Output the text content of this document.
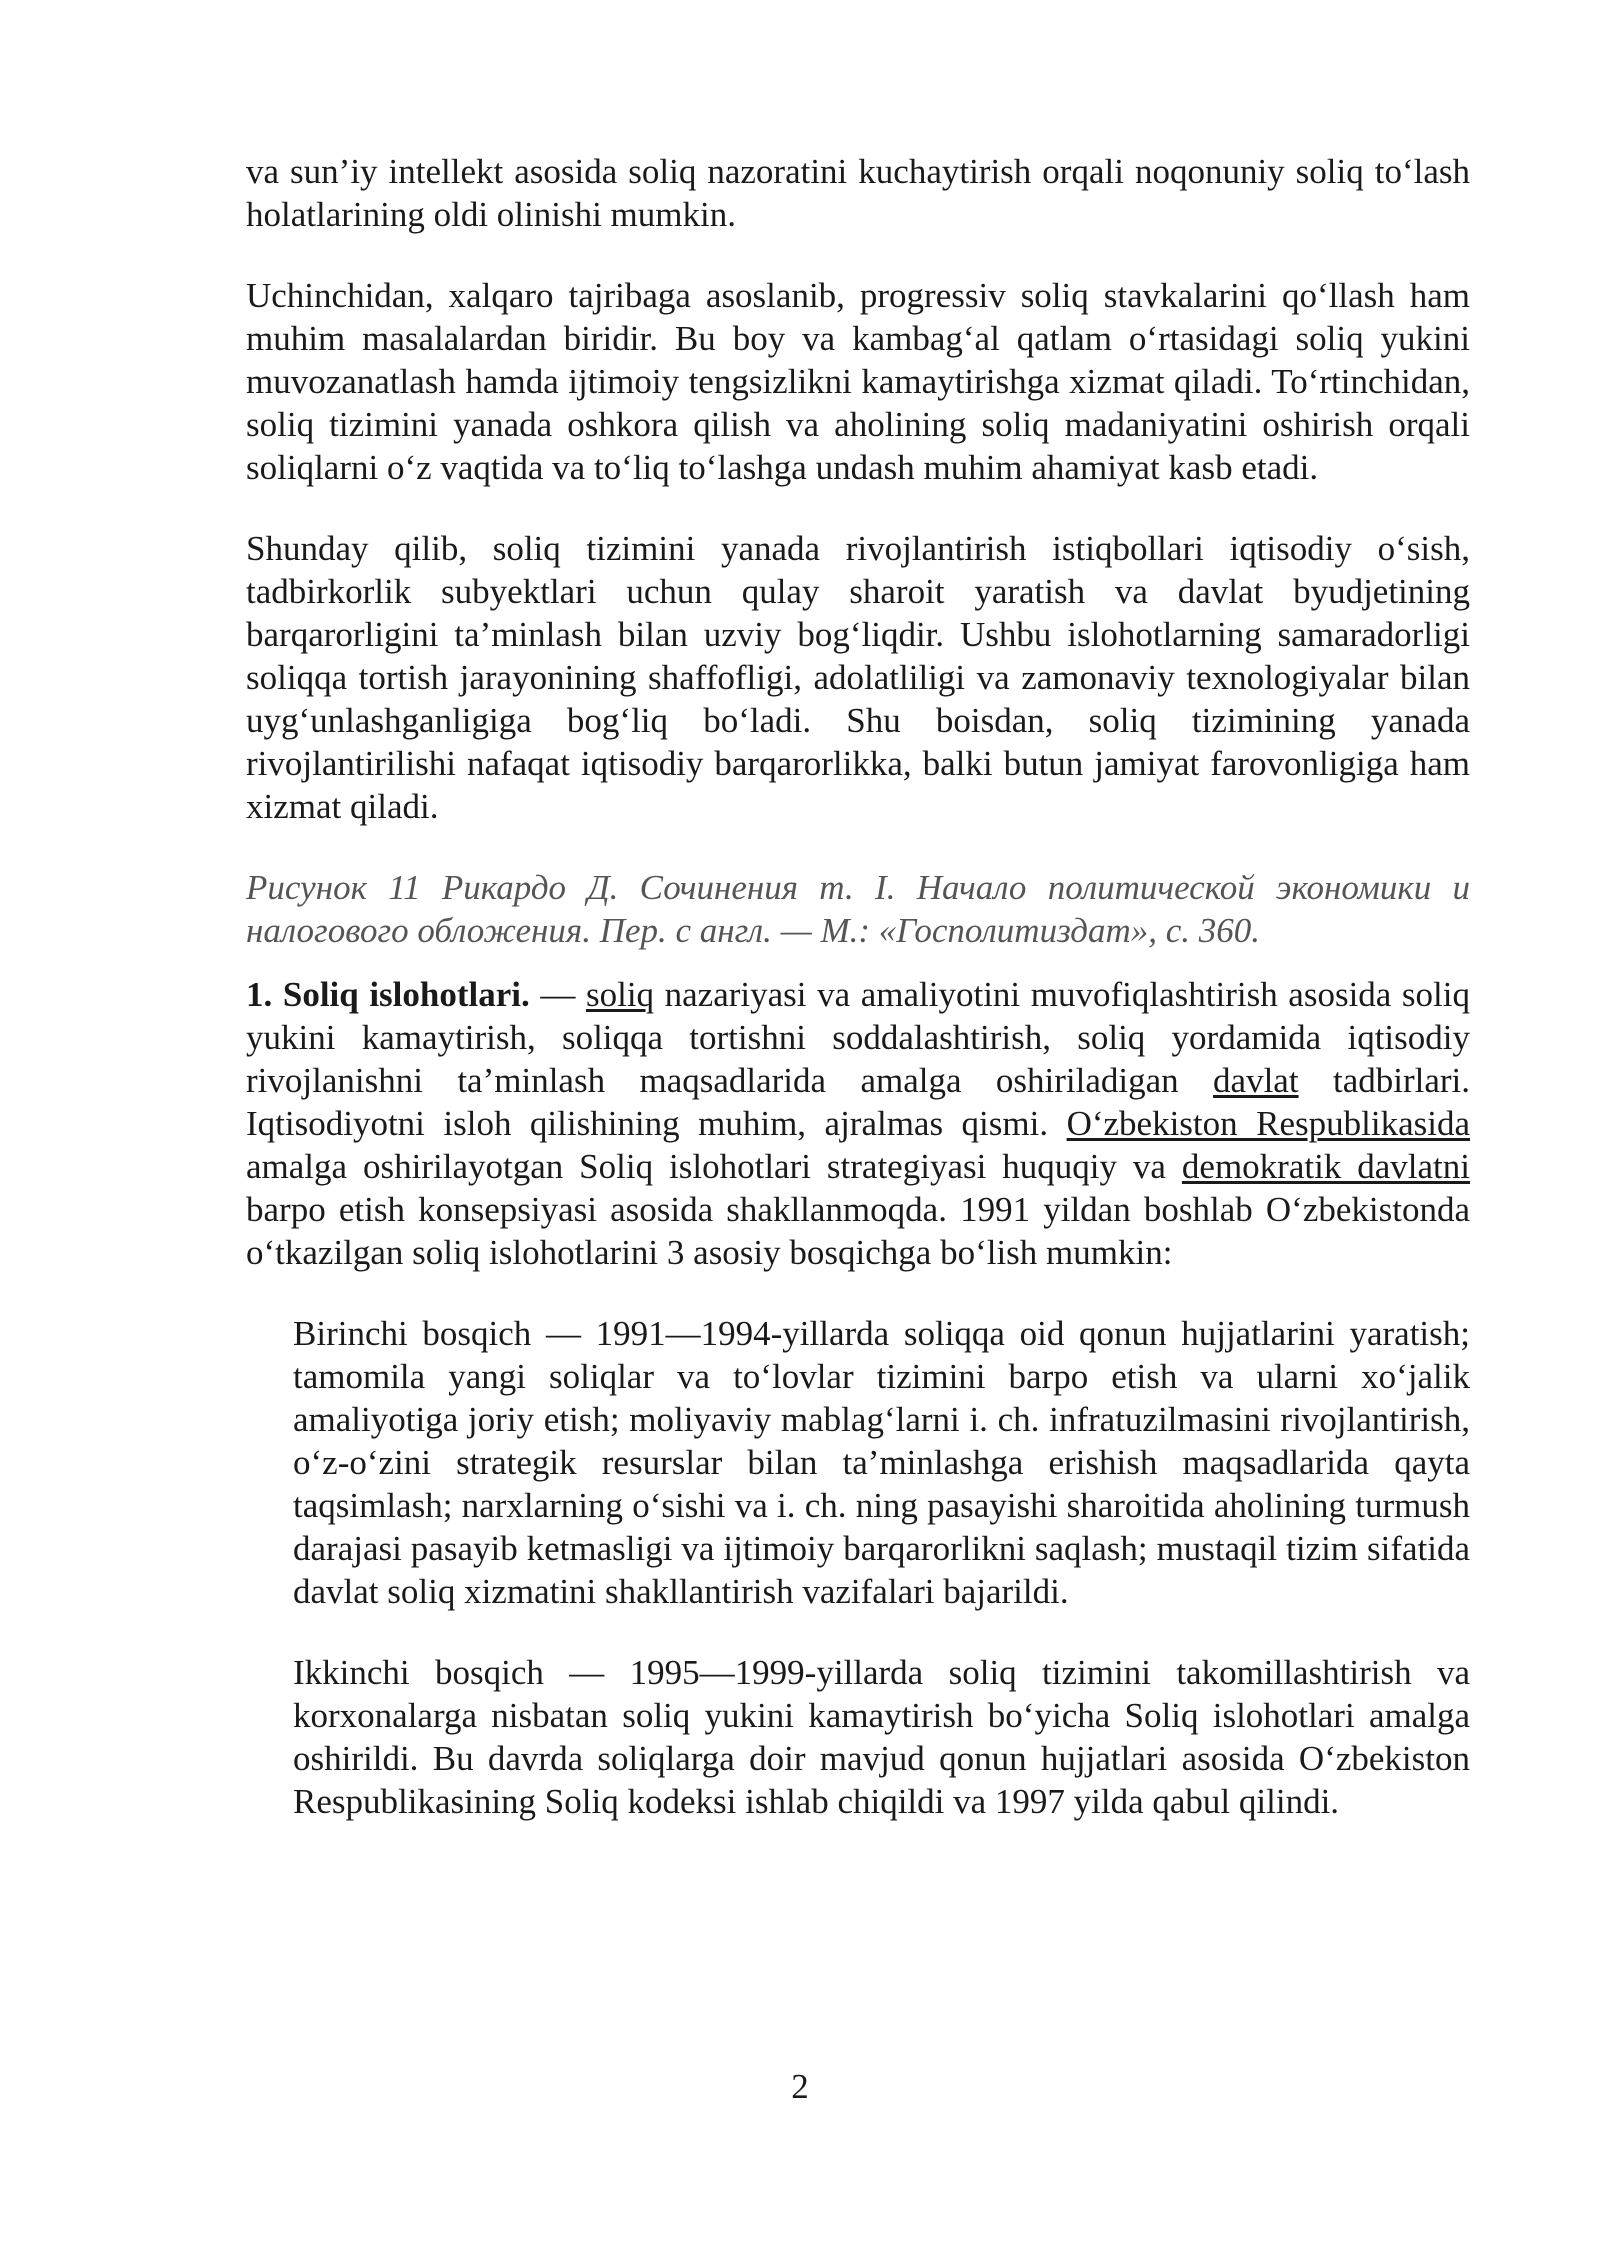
va sun’iy intellekt asosida soliq nazoratini kuchaytirish orqali noqonuniy soliq to‘lash holatlarining oldi olinishi mumkin.

Uchinchidan, xalqaro tajribaga asoslanib, progressiv soliq stavkalarini qo‘llash ham muhim masalalardan biridir. Bu boy va kambag‘al qatlam o‘rtasidagi soliq yukini muvozanatlash hamda ijtimoiy tengsizlikni kamaytirishga xizmat qiladi. To‘rtinchidan, soliq tizimini yanada oshkora qilish va aholining soliq madaniyatini oshirish orqali soliqlarni o‘z vaqtida va to‘liq to‘lashga undash muhim ahamiyat kasb etadi.

Shunday qilib, soliq tizimini yanada rivojlantirish istiqbollari iqtisodiy o‘sish, tadbirkorlik subyektlari uchun qulay sharoit yaratish va davlat byudjetining barqarorligini ta’minlash bilan uzviy bog‘liqdir. Ushbu islohotlarning samaradorligi soliqqa tortish jarayonining shaffofligi, adolatliligi va zamonaviy texnologiyalar bilan uyg‘unlashganligiga bog‘liq bo‘ladi. Shu boisdan, soliq tizimining yanada rivojlantirilishi nafaqat iqtisodiy barqarorlikka, balki butun jamiyat farovonligiga ham xizmat qiladi.

Рисунок 11 Рикардо Д. Сочинения т. I. Начало политической экономики и налогового обложения. Пер. с англ. — М.: «Госполитиздат», с. 360.

1. Soliq islohotlari. — soliq nazariyasi va amaliyotini muvofiqlashtirish asosida soliq yukini kamaytirish, soliqqa tortishni soddalashtirish, soliq yordamida iqtisodiy rivojlanishni ta’minlash maqsadlarida amalga oshiriladigan davlat tadbirlari. Iqtisodiyotni isloh qilishining muhim, ajralmas qismi. O‘zbekiston Respublikasida amalga oshirilayotgan Soliq islohotlari strategiyasi huquqiy va demokratik davlatni barpo etish konsepsiyasi asosida shakllanmoqda. 1991 yildan boshlab O‘zbekistonda o‘tkazilgan soliq islohotlarini 3 asosiy bosqichga bo‘lish mumkin:

Birinchi bosqich — 1991—1994-yillarda soliqqa oid qonun hujjatlarini yaratish; tamomila yangi soliqlar va to‘lovlar tizimini barpo etish va ularni xo‘jalik amaliyotiga joriy etish; moliyaviy mablag‘larni i. ch. infratuzilmasini rivojlantirish, o‘z-o‘zini strategik resurslar bilan ta’minlashga erishish maqsadlarida qayta taqsimlash; narxlarning o‘sishi va i. ch. ning pasayishi sharoitida aholining turmush darajasi pasayib ketmasligi va ijtimoiy barqarorlikni saqlash; mustaqil tizim sifatida davlat soliq xizmatini shakllantirish vazifalari bajarildi.

Ikkinchi bosqich — 1995—1999-yillarda soliq tizimini takomillashtirish va korxonalarga nisbatan soliq yukini kamaytirish bo‘yicha Soliq islohotlari amalga oshirildi. Bu davrda soliqlarga doir mavjud qonun hujjatlari asosida O‘zbekiston Respublikasining Soliq kodeksi ishlab chiqildi va 1997 yilda qabul qilindi.

2
